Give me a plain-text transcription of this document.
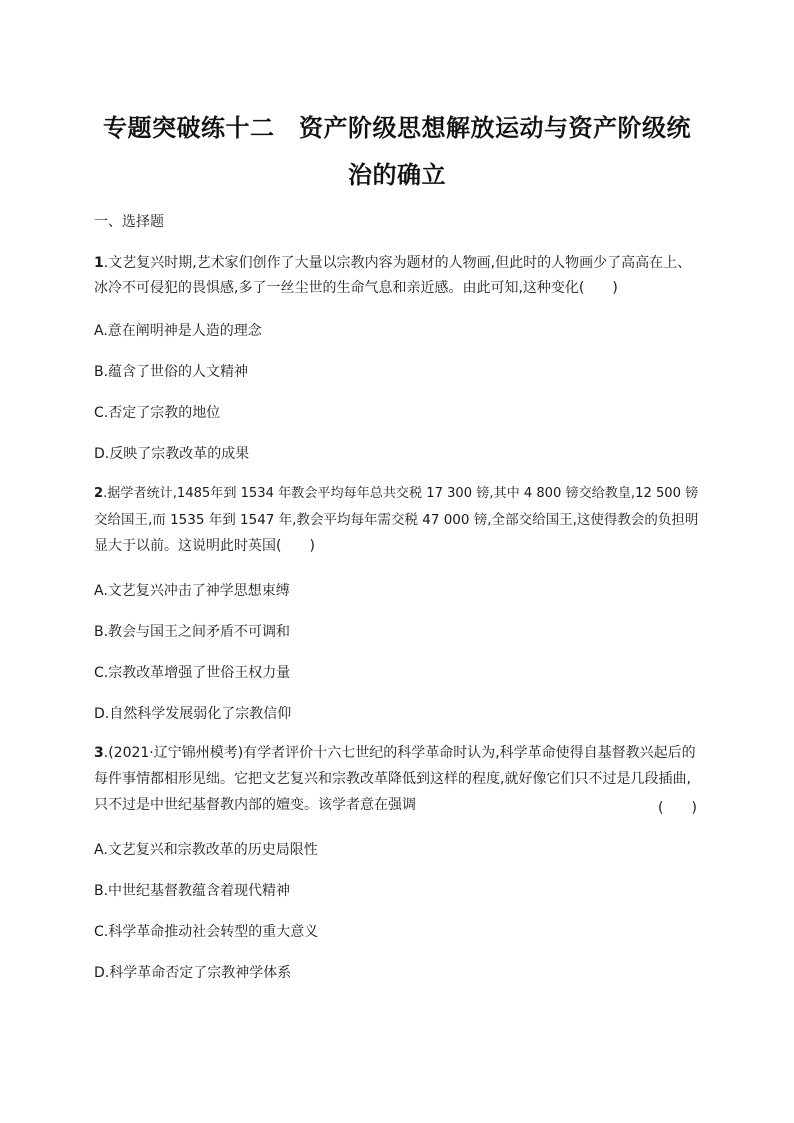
专题突破练十二　资产阶级思想解放运动与资产阶级统
治的确立
一、选择题
1.文艺复兴时期,艺术家们创作了大量以宗教内容为题材的人物画,但此时的人物画少了高高在上、
冰冷不可侵犯的畏惧感,多了一丝尘世的生命气息和亲近感。由此可知,这种变化(　　)
A.意在阐明神是人造的理念
B.蕴含了世俗的人文精神
C.否定了宗教的地位
D.反映了宗教改革的成果
2.据学者统计,1485年到 1534 年教会平均每年总共交税 17 300 镑,其中 4 800 镑交给教皇,12 500 镑
交给国王,而 1535 年到 1547 年,教会平均每年需交税 47 000 镑,全部交给国王,这使得教会的负担明
显大于以前。这说明此时英国(　　)
A.文艺复兴冲击了神学思想束缚
B.教会与国王之间矛盾不可调和
C.宗教改革增强了世俗王权力量
D.自然科学发展弱化了宗教信仰
3.(2021·辽宁锦州模考)有学者评价十六七世纪的科学革命时认为,科学革命使得自基督教兴起后的
每件事情都相形见绌。它把文艺复兴和宗教改革降低到这样的程度,就好像它们只不过是几段插曲,
只不过是中世纪基督教内部的嬗变。该学者意在强调	(　　)
A.文艺复兴和宗教改革的历史局限性
B.中世纪基督教蕴含着现代精神
C.科学革命推动社会转型的重大意义
D.科学革命否定了宗教神学体系
